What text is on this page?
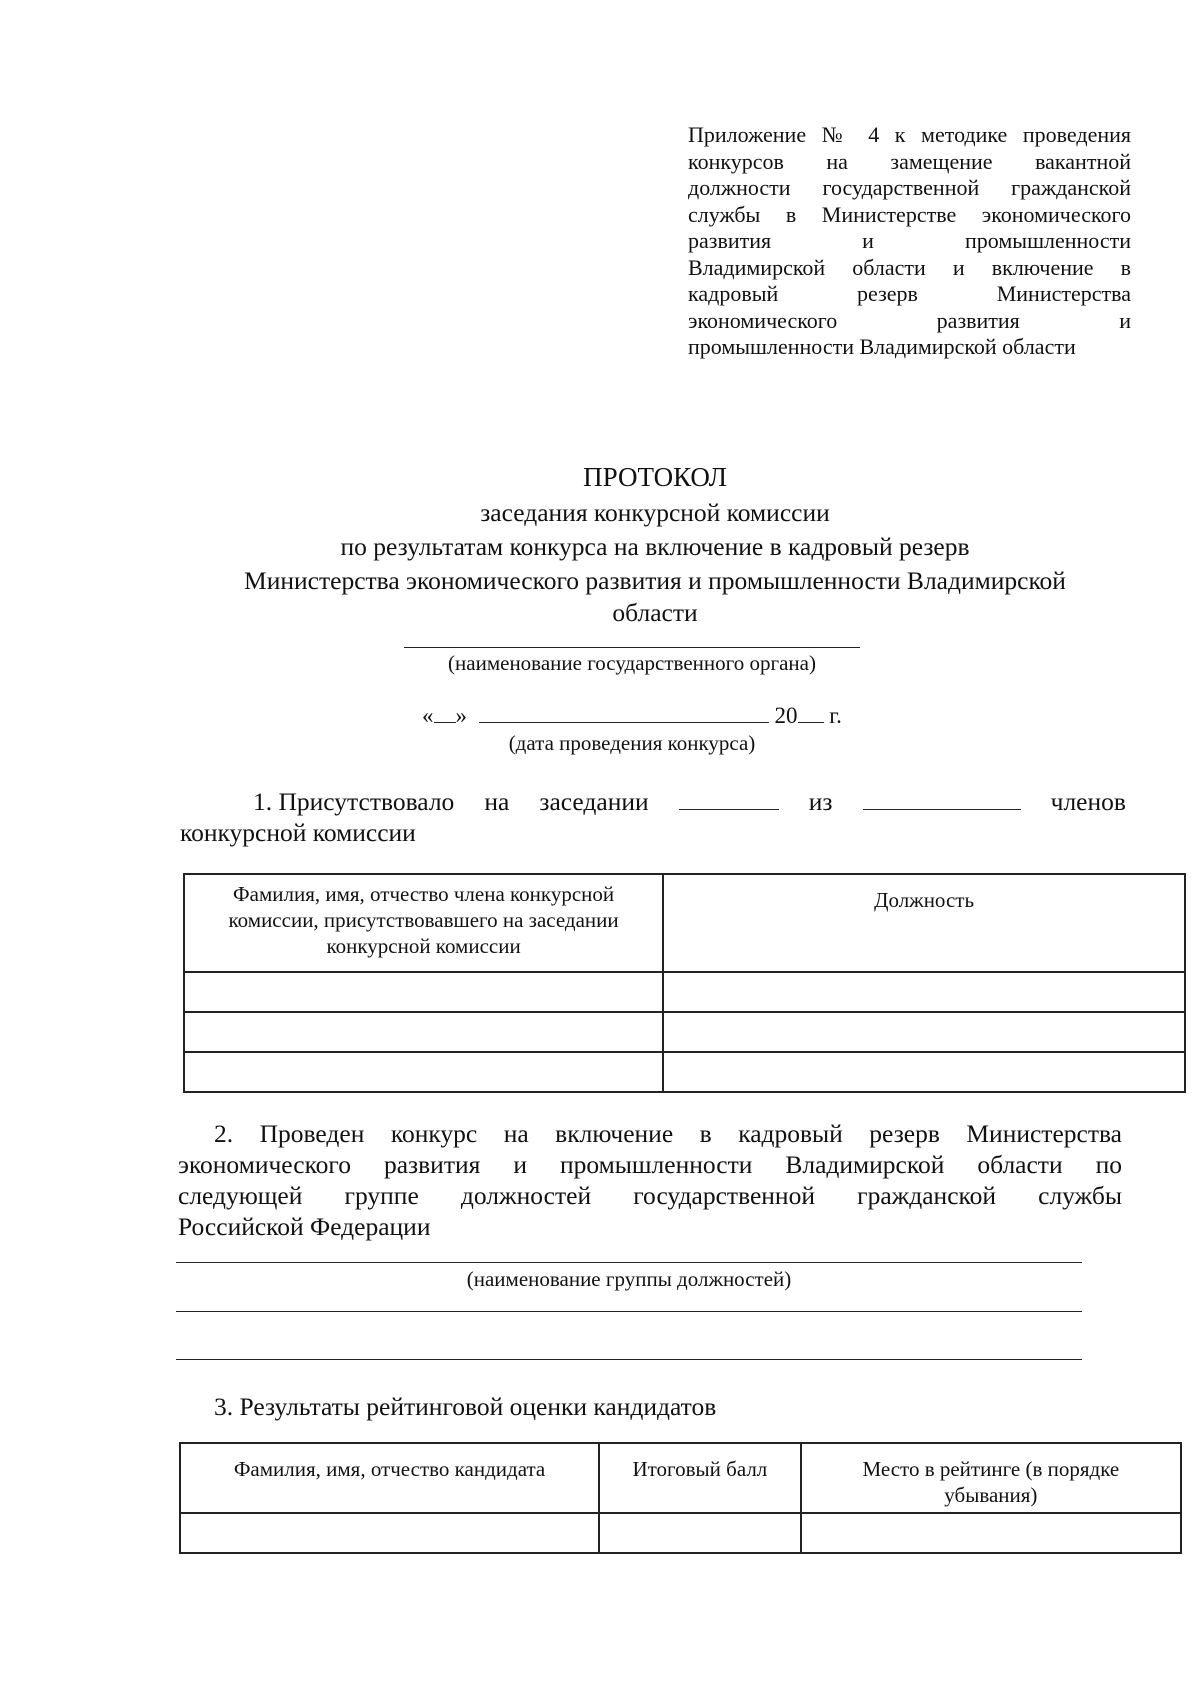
Приложение № 4 к методике проведения
конкурсов на замещение вакантной
должности государственной гражданской
службы в Министерстве экономического
развития и промышленности
Владимирской области и включение в
кадровый резерв Министерства
экономического развития и
промышленности Владимирской области
ПРОТОКОЛ
заседания конкурсной комиссии
по результатам конкурса на включение в кадровый резерв
Министерства экономического развития и промышленности Владимирской
области
(наименование государственного органа)
« »	20 г.
(дата проведения конкурса)
1. Присутствовало на заседании	из	членов
конкурсной комиссии
Фамилия, имя, отчество члена конкурсной комиссии, присутствовавшего на заседании конкурсной комиссии	Должность

2. Проведен конкурс на включение в кадровый резерв Министерства
экономического развития и промышленности Владимирской области по
следующей группе должностей государственной гражданской службы
Российской Федерации
(наименование группы должностей)
3. Результаты рейтинговой оценки кандидатов
Фамилия, имя, отчество кандидата	Итоговый балл	Место в рейтинге (в порядке убывания)
